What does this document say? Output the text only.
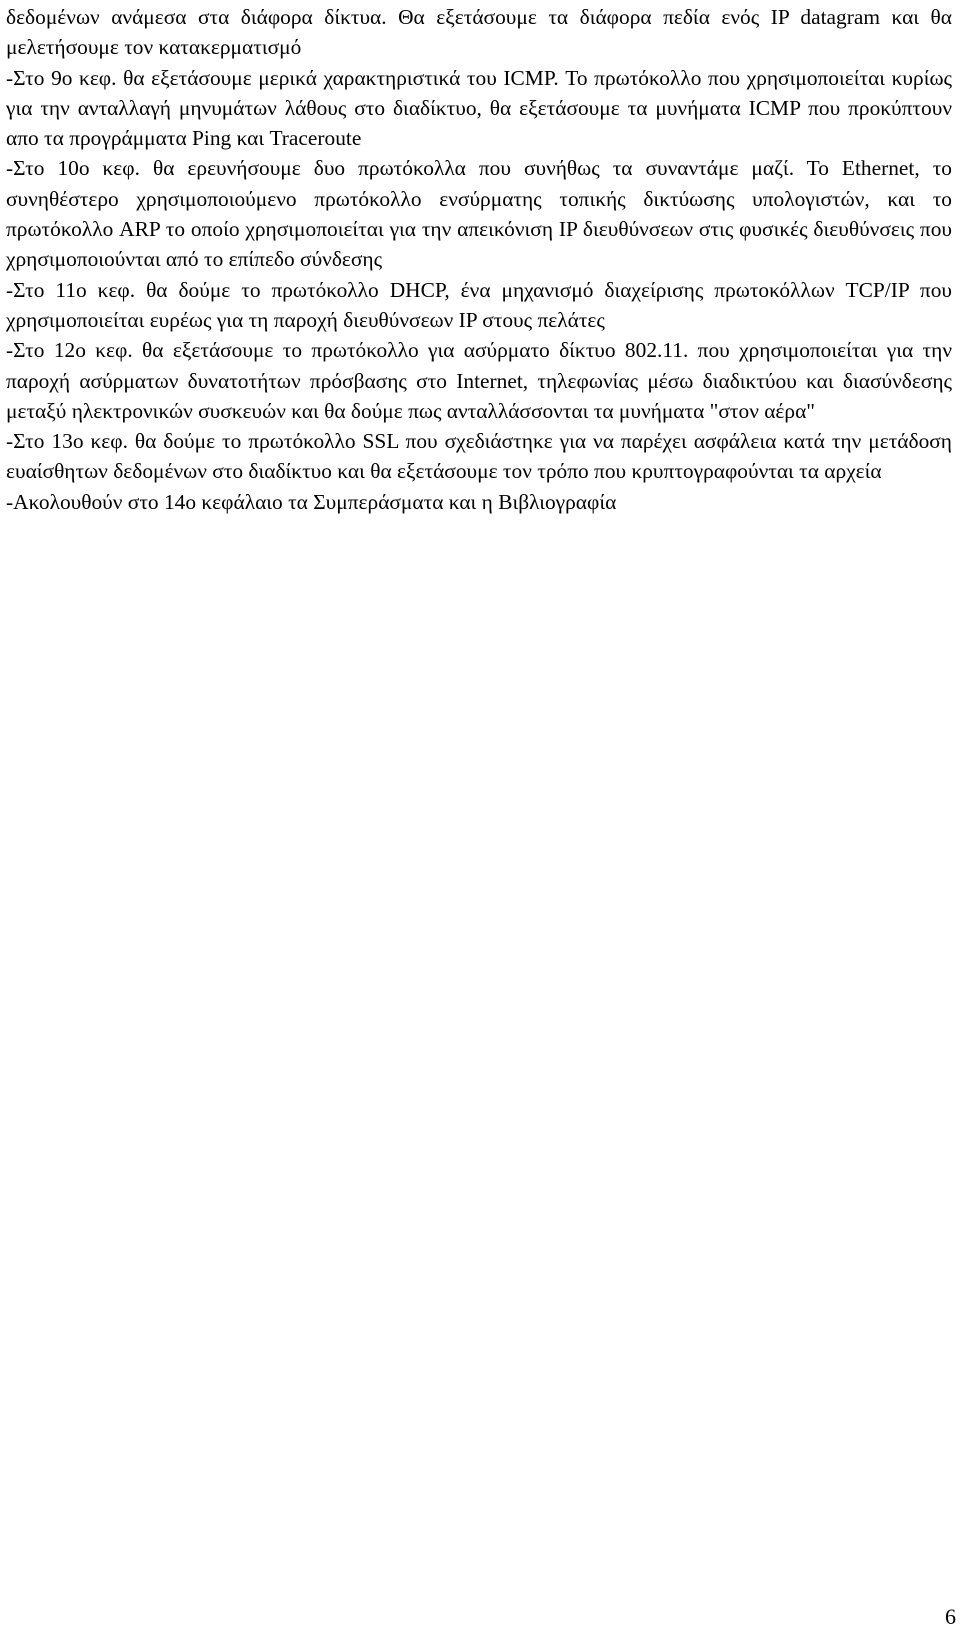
δεδομένων ανάμεσα στα διάφορα δίκτυα. Θα εξετάσουμε τα διάφορα πεδία ενός IP datagram και θα μελετήσουμε τον κατακερματισμό

-Στο 9ο κεφ. θα εξετάσουμε μερικά χαρακτηριστικά του ICMP. Το πρωτόκολλο που χρησιμοποιείται κυρίως για την ανταλλαγή μηνυμάτων λάθους στο διαδίκτυο, θα εξετάσουμε τα μυνήματα ICMP που προκύπτουν απο τα προγράμματα Ping και Traceroute

-Στο 10ο κεφ. θα ερευνήσουμε δυο πρωτόκολλα που συνήθως τα συναντάμε μαζί. Το Ethernet, το συνηθέστερο χρησιμοποιούμενο πρωτόκολλο ενσύρματης τοπικής δικτύωσης υπολογιστών, και το πρωτόκολλο ARP το οποίο χρησιμοποιείται για την απεικόνιση IP διευθύνσεων στις φυσικές διευθύνσεις που χρησιμοποιούνται από το επίπεδο σύνδεσης

-Στο 11ο κεφ. θα δούμε το πρωτόκολλο DHCP, ένα μηχανισμό διαχείρισης πρωτοκόλλων TCP/IP που χρησιμοποιείται ευρέως για τη παροχή διευθύνσεων IP στους πελάτες

-Στο 12ο κεφ. θα εξετάσουμε το πρωτόκολλο για ασύρματο δίκτυο 802.11. που χρησιμοποιείται για την παροχή ασύρματων δυνατοτήτων πρόσβασης στο Internet, τηλεφωνίας μέσω διαδικτύου και διασύνδεσης μεταξύ ηλεκτρονικών συσκευών και θα δούμε πως ανταλλάσσονται τα μυνήματα "στον αέρα"

-Στο 13ο κεφ. θα δούμε το πρωτόκολλο SSL που σχεδιάστηκε για να παρέχει ασφάλεια κατά την μετάδοση ευαίσθητων δεδομένων στο διαδίκτυο και θα εξετάσουμε τον τρόπο που κρυπτογραφούνται τα αρχεία

-Ακολουθούν στο 14ο κεφάλαιο τα Συμπεράσματα και η Βιβλιογραφία

6
